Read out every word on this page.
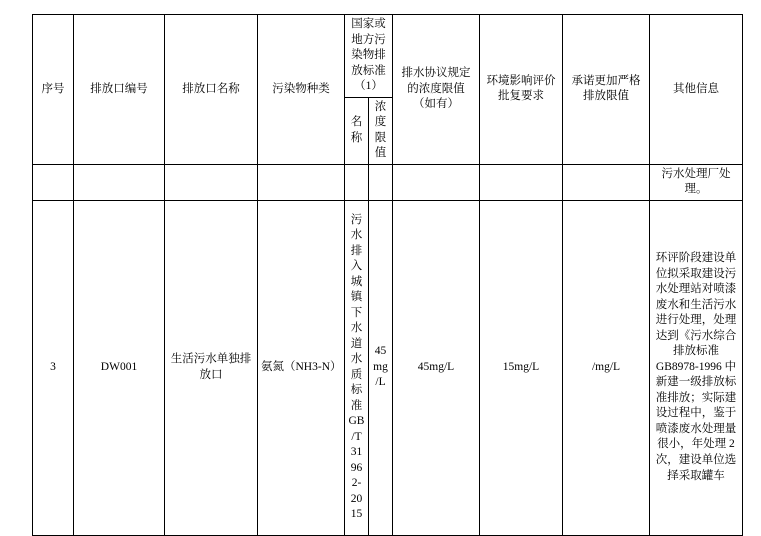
序号	排放口编号	排放口名称	污染物种类	国家或地方污染物排放标准（1）		排水协议规定的浓度限值（如有）	环境影响评价批复要求	承诺更加严格排放限值	其他信息
				名称	浓度限值				
									污水处理厂处理。
3	DW001	生活污水单独排放口	氨氮（NH3-N）	污水排入城镇下水道水质标准GB/T 31962-2015	45mg/L	45mg/L	15mg/L	/mg/L	环评阶段建设单位拟采取建设污水处理站对喷漆废水和生活污水进行处理，处理达到《污水综合排放标准 GB8978-1996 中新建一级排放标准排放；实际建设过程中，鉴于喷漆废水处理量很小，年处理 2 次，建设单位选择采取罐车
